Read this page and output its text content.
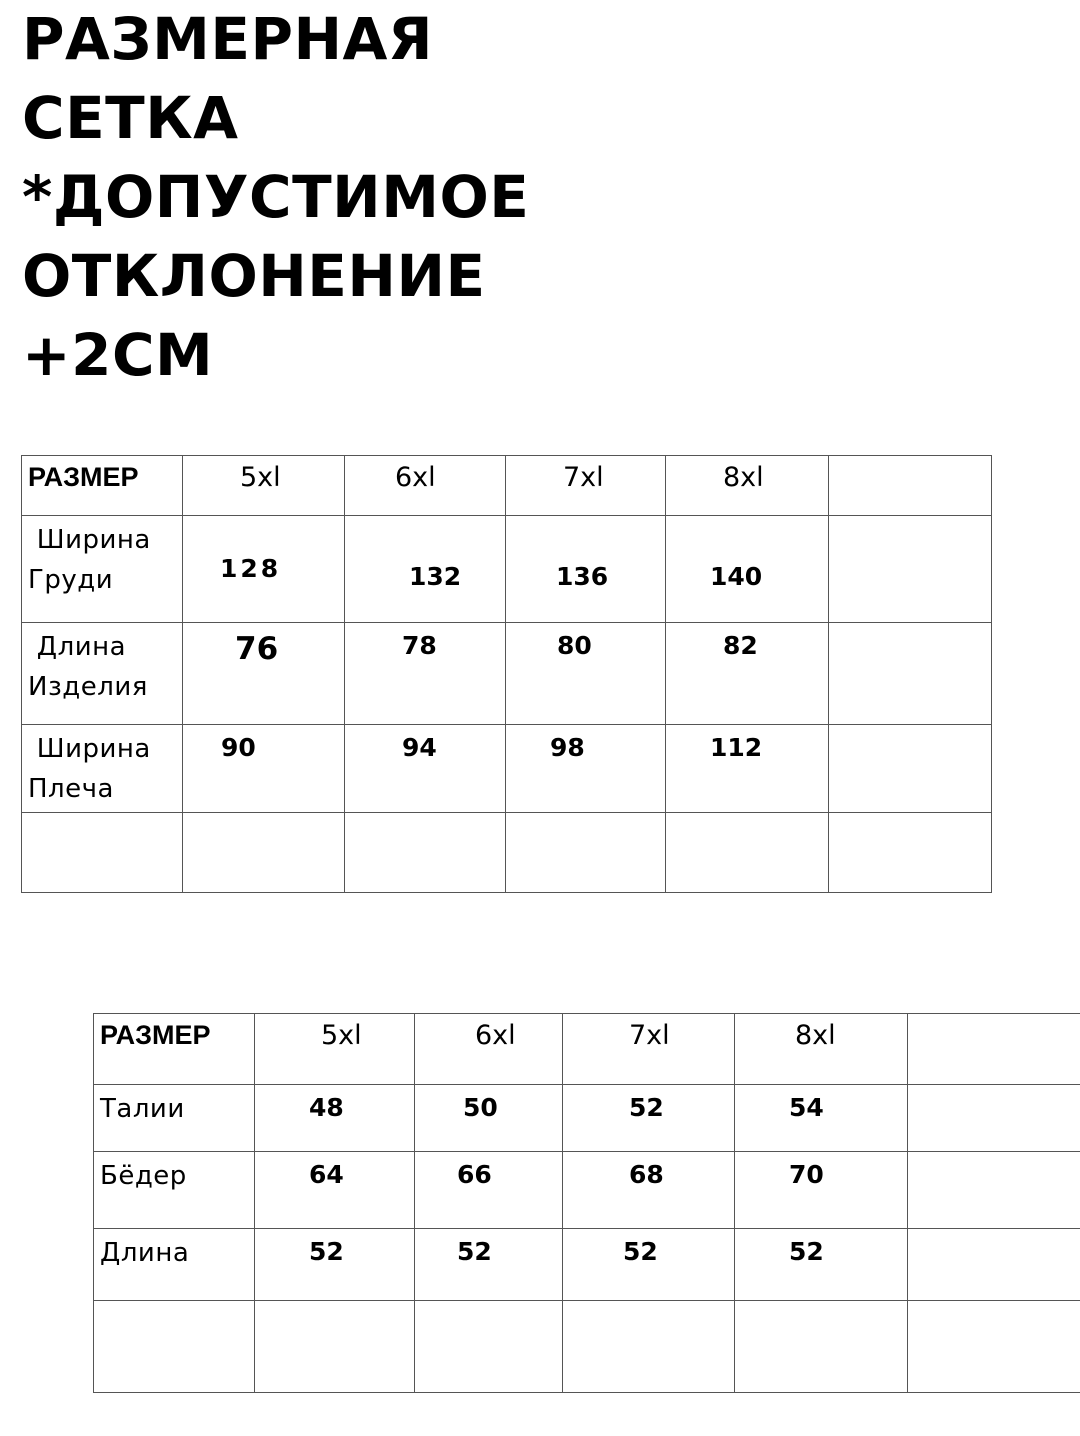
РАЗМЕРНАЯ
СЕТКА
*ДОПУСТИМОЕ
ОТКЛОНЕНИЕ
+2CM
РАЗМЕР	5xl	6xl	7xl	8xl	

Ширина
Груди	128	132	136	140	

Длина
Изделия	76	78	80	82	

Ширина
Плеча	90	94	98	112	

РАЗМЕР	5xl	6xl	7xl	8xl	

Талии	48	50	52	54	

Бёдер	64	66	68	70	

Длина	52	52	52	52	
